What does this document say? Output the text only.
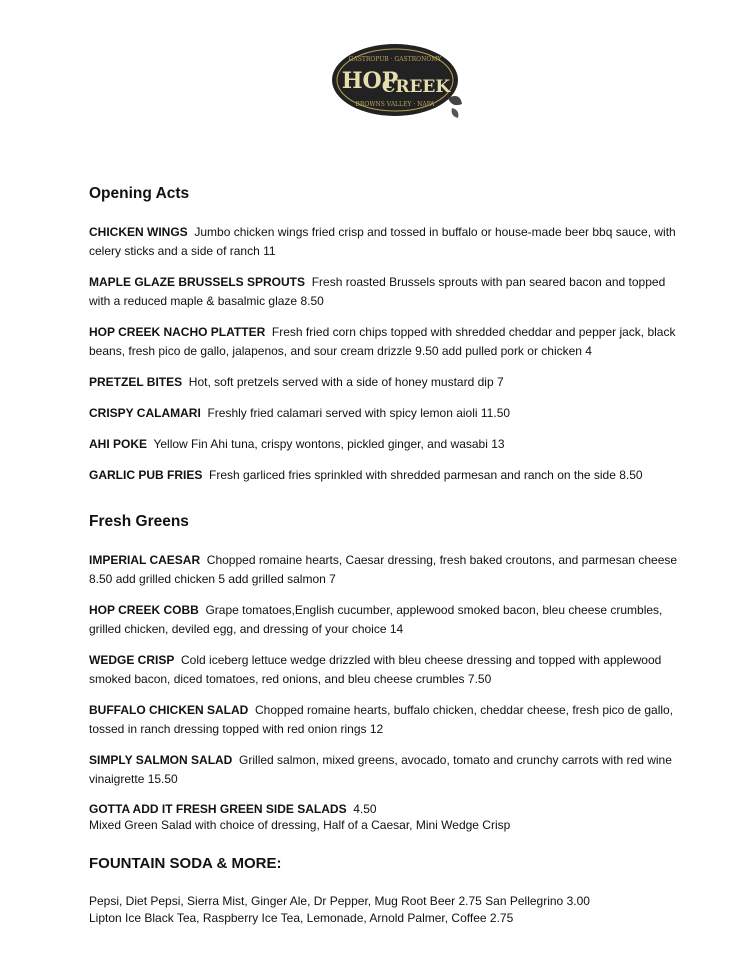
GASTROPUB · GASTRONOMY
HOP
CREEK
BROWNS VALLEY · NAPA
Opening Acts
CHICKEN WINGS Jumbo chicken wings fried crisp and tossed in buffalo or house-made beer bbq sauce, with celery sticks and a side of ranch 11
MAPLE GLAZE BRUSSELS SPROUTS Fresh roasted Brussels sprouts with pan seared bacon and topped with a reduced maple & basalmic glaze 8.50
HOP CREEK NACHO PLATTER Fresh fried corn chips topped with shredded cheddar and pepper jack, black beans, fresh pico de gallo, jalapenos, and sour cream drizzle 9.50 add pulled pork or chicken 4
PRETZEL BITES Hot, soft pretzels served with a side of honey mustard dip 7
CRISPY CALAMARI Freshly fried calamari served with spicy lemon aioli 11.50
AHI POKE Yellow Fin Ahi tuna, crispy wontons, pickled ginger, and wasabi 13
GARLIC PUB FRIES Fresh garliced fries sprinkled with shredded parmesan and ranch on the side 8.50
Fresh Greens
IMPERIAL CAESAR Chopped romaine hearts, Caesar dressing, fresh baked croutons, and parmesan cheese 8.50 add grilled chicken 5 add grilled salmon 7
HOP CREEK COBB Grape tomatoes,English cucumber, applewood smoked bacon, bleu cheese crumbles, grilled chicken, deviled egg, and dressing of your choice 14
WEDGE CRISP Cold iceberg lettuce wedge drizzled with bleu cheese dressing and topped with applewood smoked bacon, diced tomatoes, red onions, and bleu cheese crumbles 7.50
BUFFALO CHICKEN SALAD Chopped romaine hearts, buffalo chicken, cheddar cheese, fresh pico de gallo, tossed in ranch dressing topped with red onion rings 12
SIMPLY SALMON SALAD Grilled salmon, mixed greens, avocado, tomato and crunchy carrots with red wine vinaigrette 15.50
GOTTA ADD IT FRESH GREEN SIDE SALADS 4.50
Mixed Green Salad with choice of dressing, Half of a Caesar, Mini Wedge Crisp
FOUNTAIN SODA & MORE:
Pepsi, Diet Pepsi, Sierra Mist, Ginger Ale, Dr Pepper, Mug Root Beer 2.75 San Pellegrino 3.00
Lipton Ice Black Tea, Raspberry Ice Tea, Lemonade, Arnold Palmer, Coffee 2.75
